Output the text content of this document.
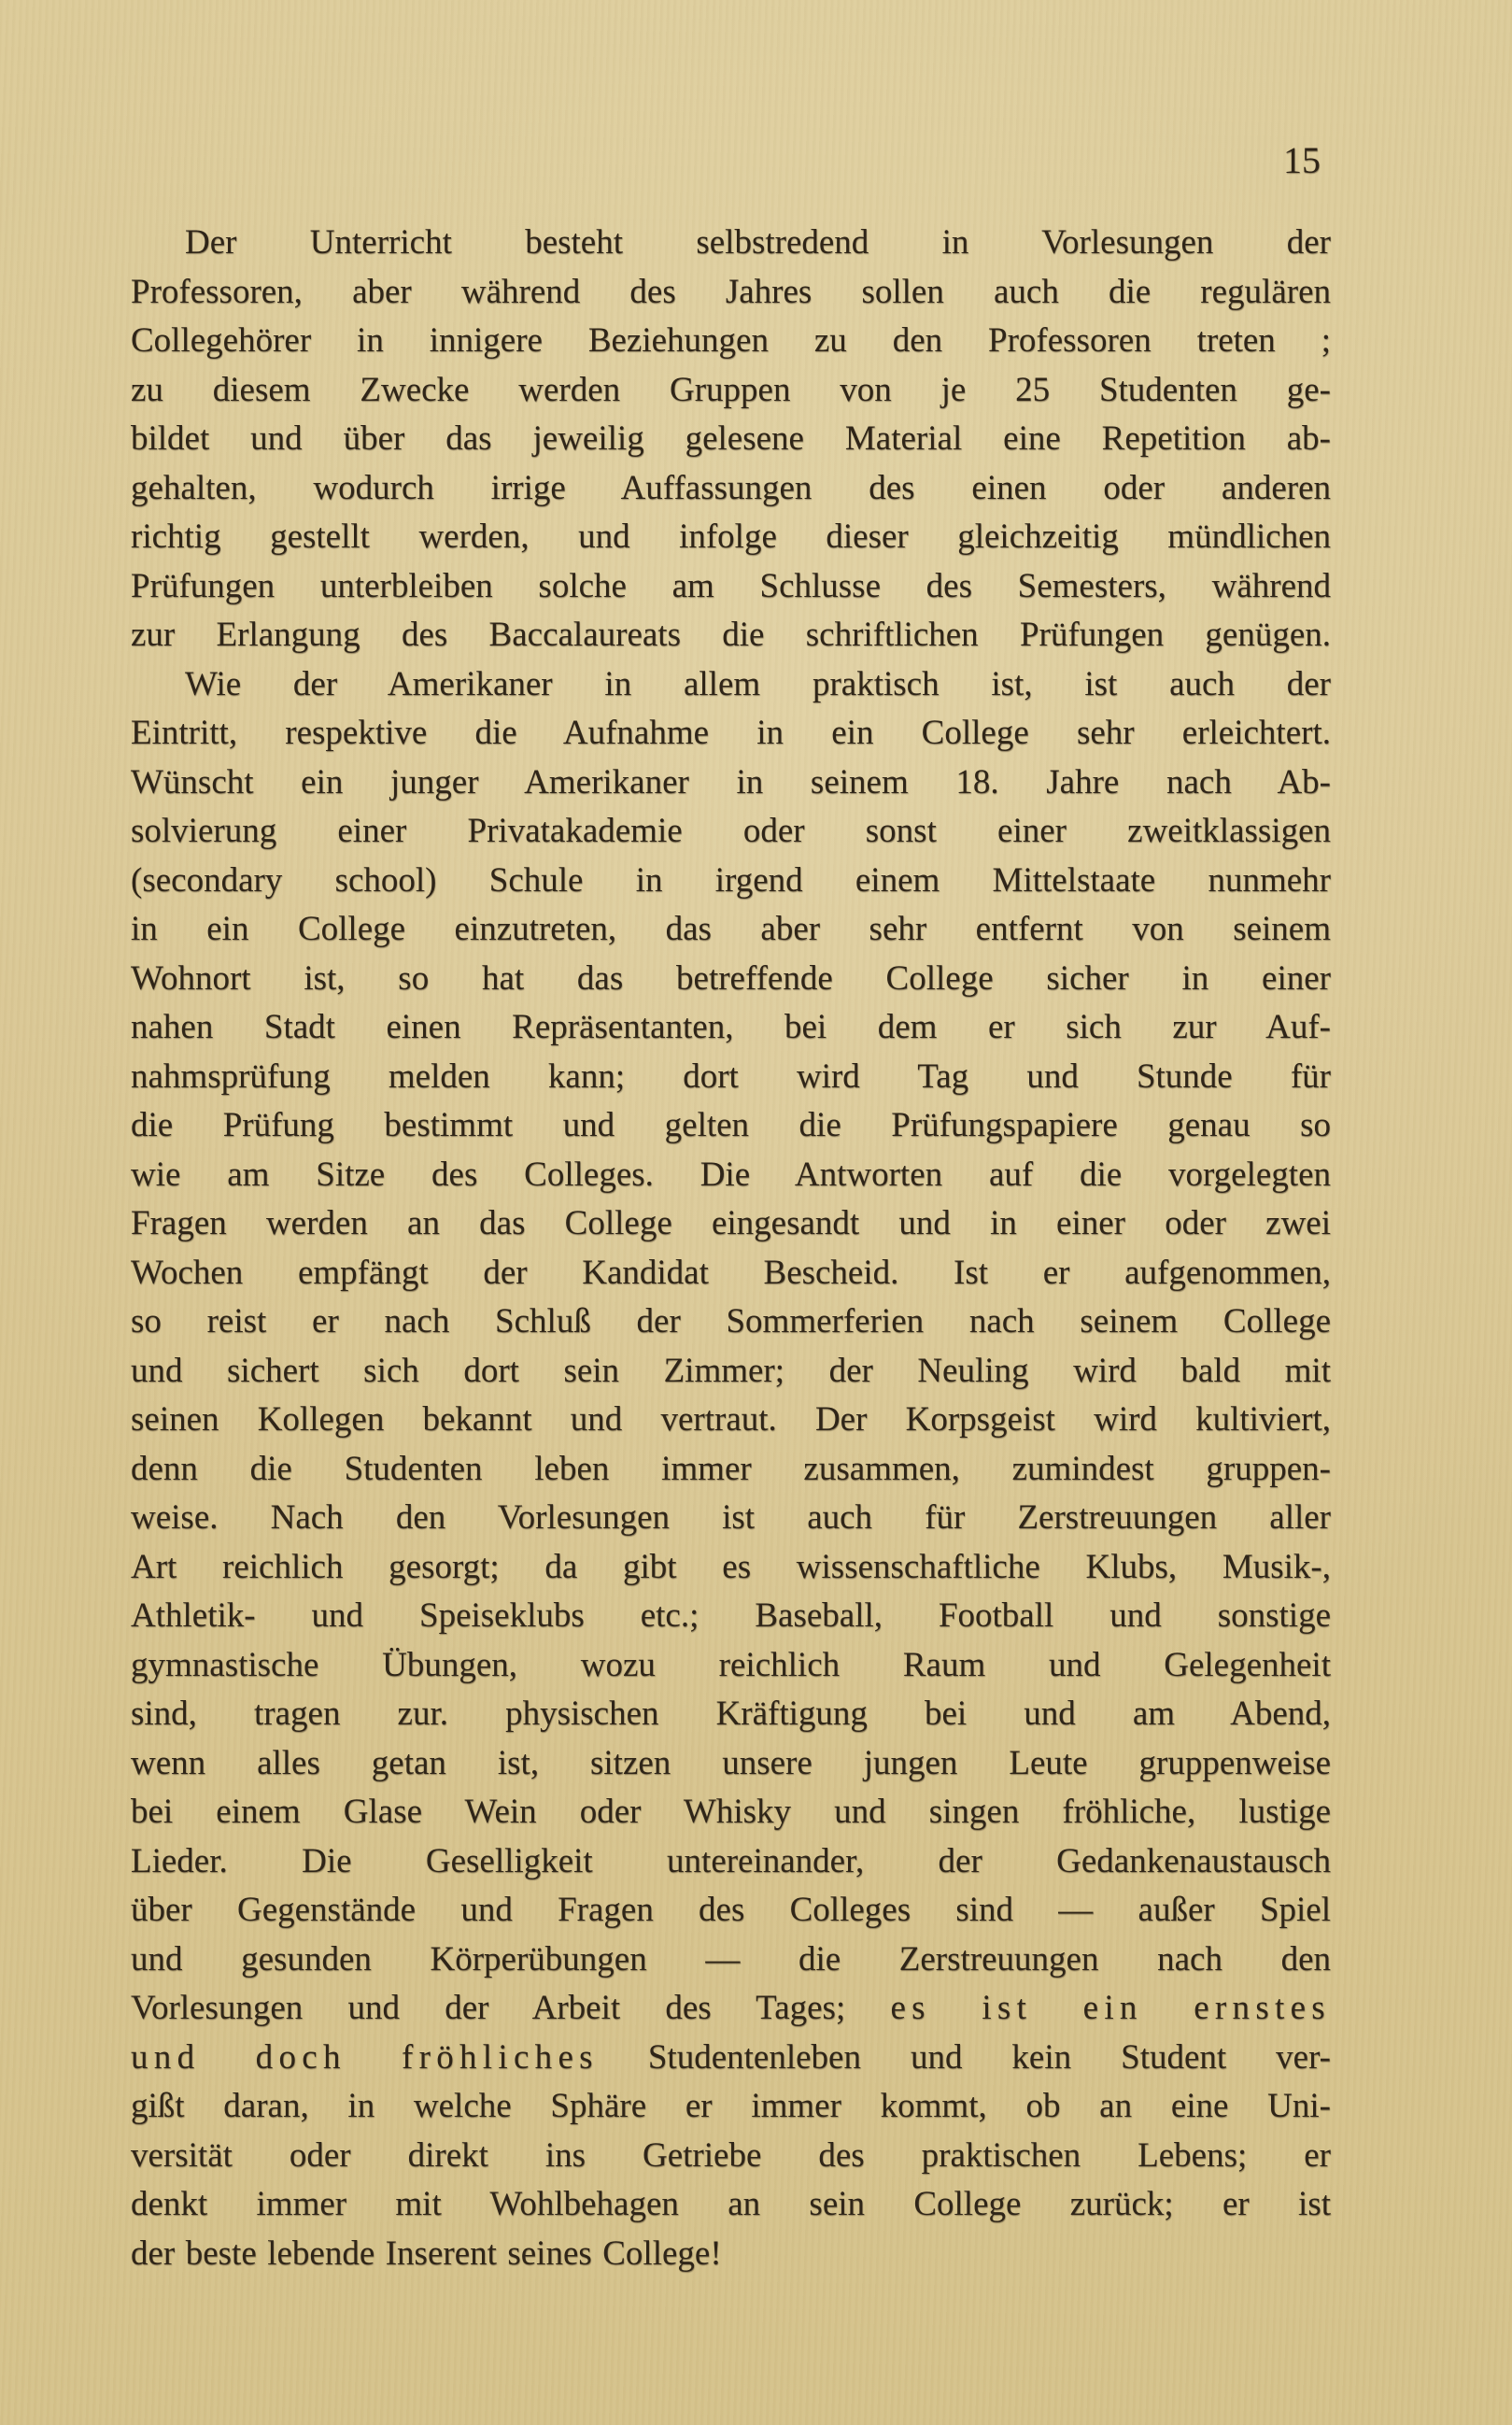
15
Der Unterricht besteht selbstredend in Vorlesungen der
Professoren, aber während des Jahres sollen auch die regulären
Collegehörer in innigere Beziehungen zu den Professoren treten ;
zu diesem Zwecke werden Gruppen von je 25 Studenten ge-
bildet und über das jeweilig gelesene Material eine Repetition ab-
gehalten, wodurch irrige Auffassungen des einen oder anderen
richtig gestellt werden, und infolge dieser gleichzeitig mündlichen
Prüfungen unterbleiben solche am Schlusse des Semesters, während
zur Erlangung des Baccalaureats die schriftlichen Prüfungen genügen.
Wie der Amerikaner in allem praktisch ist, ist auch der
Eintritt, respektive die Aufnahme in ein College sehr erleichtert.
Wünscht ein junger Amerikaner in seinem 18. Jahre nach Ab-
solvierung einer Privatakademie oder sonst einer zweitklassigen
(secondary school) Schule in irgend einem Mittelstaate nunmehr
in ein College einzutreten, das aber sehr entfernt von seinem
Wohnort ist, so hat das betreffende College sicher in einer
nahen Stadt einen Repräsentanten, bei dem er sich zur Auf-
nahmsprüfung melden kann; dort wird Tag und Stunde für
die Prüfung bestimmt und gelten die Prüfungspapiere genau so
wie am Sitze des Colleges. Die Antworten auf die vorgelegten
Fragen werden an das College eingesandt und in einer oder zwei
Wochen empfängt der Kandidat Bescheid. Ist er aufgenommen,
so reist er nach Schluß der Sommerferien nach seinem College
und sichert sich dort sein Zimmer; der Neuling wird bald mit
seinen Kollegen bekannt und vertraut. Der Korpsgeist wird kultiviert,
denn die Studenten leben immer zusammen, zumindest gruppen-
weise. Nach den Vorlesungen ist auch für Zerstreuungen aller
Art reichlich gesorgt; da gibt es wissenschaftliche Klubs, Musik-,
Athletik- und Speiseklubs etc.; Baseball, Football und sonstige
gymnastische Übungen, wozu reichlich Raum und Gelegenheit
sind, tragen zur. physischen Kräftigung bei und am Abend,
wenn alles getan ist, sitzen unsere jungen Leute gruppenweise
bei einem Glase Wein oder Whisky und singen fröhliche, lustige
Lieder. Die Geselligkeit untereinander, der Gedankenaustausch
über Gegenstände und Fragen des Colleges sind — außer Spiel
und gesunden Körperübungen — die Zerstreuungen nach den
Vorlesungen und der Arbeit des Tages; es ist ein ernstes
und doch fröhliches Studentenleben und kein Student ver-
gißt daran, in welche Sphäre er immer kommt, ob an eine Uni-
versität oder direkt ins Getriebe des praktischen Lebens; er
denkt immer mit Wohlbehagen an sein College zurück; er ist
der beste lebende Inserent seines College!
